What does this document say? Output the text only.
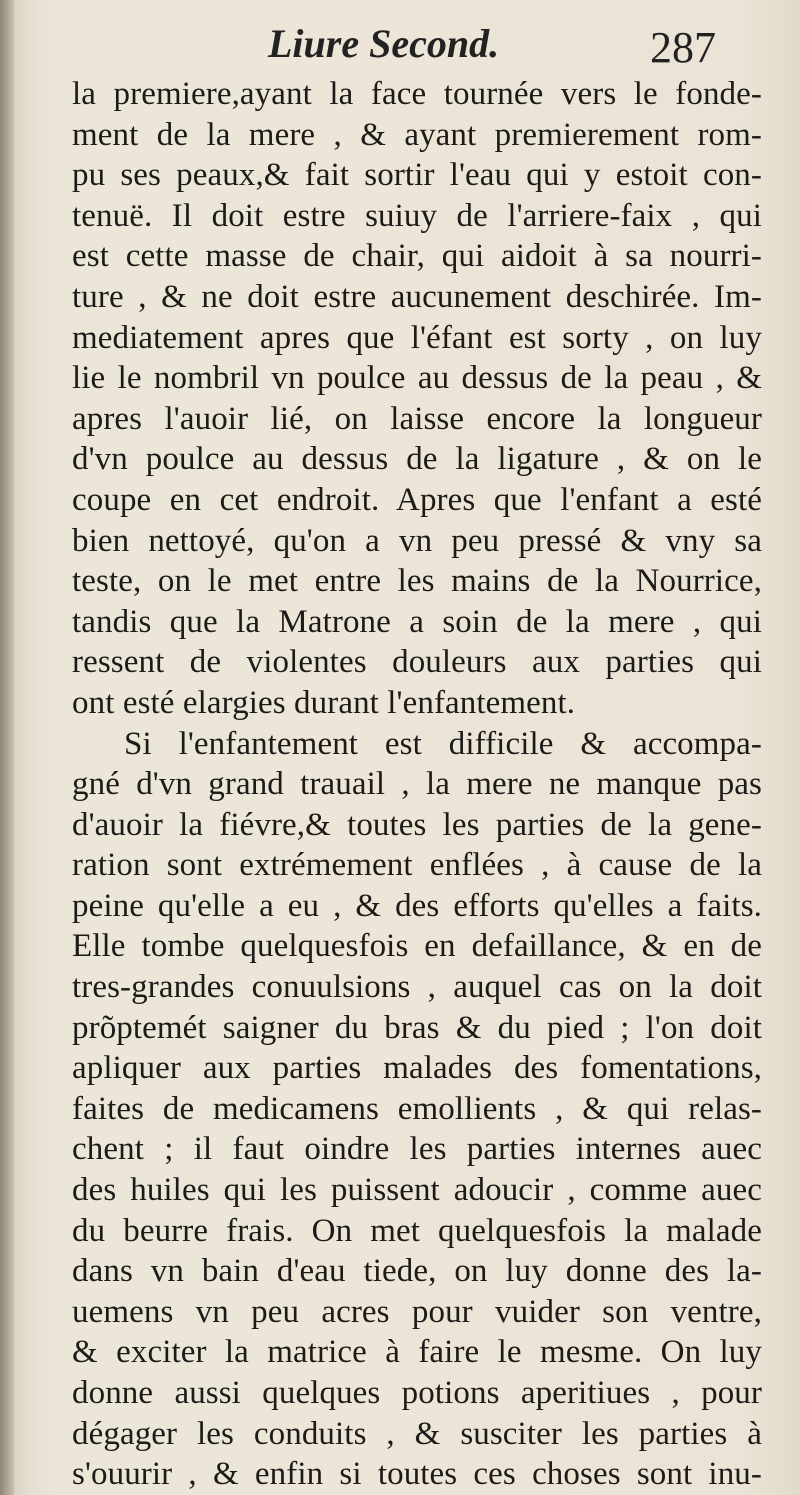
Liure Second.	287
la premiere,ayant la face tournée vers le fonde-
ment de la mere , & ayant premierement rom-
pu ses peaux,& fait sortir l'eau qui y estoit con-
tenuë. Il doit estre suiuy de l'arriere-faix , qui
est cette masse de chair, qui aidoit à sa nourri-
ture , & ne doit estre aucunement deschirée. Im-
mediatement apres que l'éfant est sorty , on luy
lie le nombril vn poulce au dessus de la peau , &
apres l'auoir lié, on laisse encore la longueur
d'vn poulce au dessus de la ligature , & on le
coupe en cet endroit. Apres que l'enfant a esté
bien nettoyé, qu'on a vn peu pressé & vny sa
teste, on le met entre les mains de la Nourrice,
tandis que la Matrone a soin de la mere , qui
ressent de violentes douleurs aux parties qui
ont esté elargies durant l'enfantement.
Si l'enfantement est difficile & accompa-
gné d'vn grand trauail , la mere ne manque pas
d'auoir la fiévre,& toutes les parties de la gene-
ration sont extrémement enflées , à cause de la
peine qu'elle a eu , & des efforts qu'elles a faits.
Elle tombe quelquesfois en defaillance, & en de
tres-grandes conuulsions , auquel cas on la doit
prõptemét saigner du bras & du pied ; l'on doit
apliquer aux parties malades des fomentations,
faites de medicamens emollients , & qui relas-
chent ; il faut oindre les parties internes auec
des huiles qui les puissent adoucir , comme auec
du beurre frais. On met quelquesfois la malade
dans vn bain d'eau tiede, on luy donne des la-
uemens vn peu acres pour vuider son ventre,
& exciter la matrice à faire le mesme. On luy
donne aussi quelques potions aperitiues , pour
dégager les conduits , & susciter les parties à
s'ouurir , & enfin si toutes ces choses sont inu-
